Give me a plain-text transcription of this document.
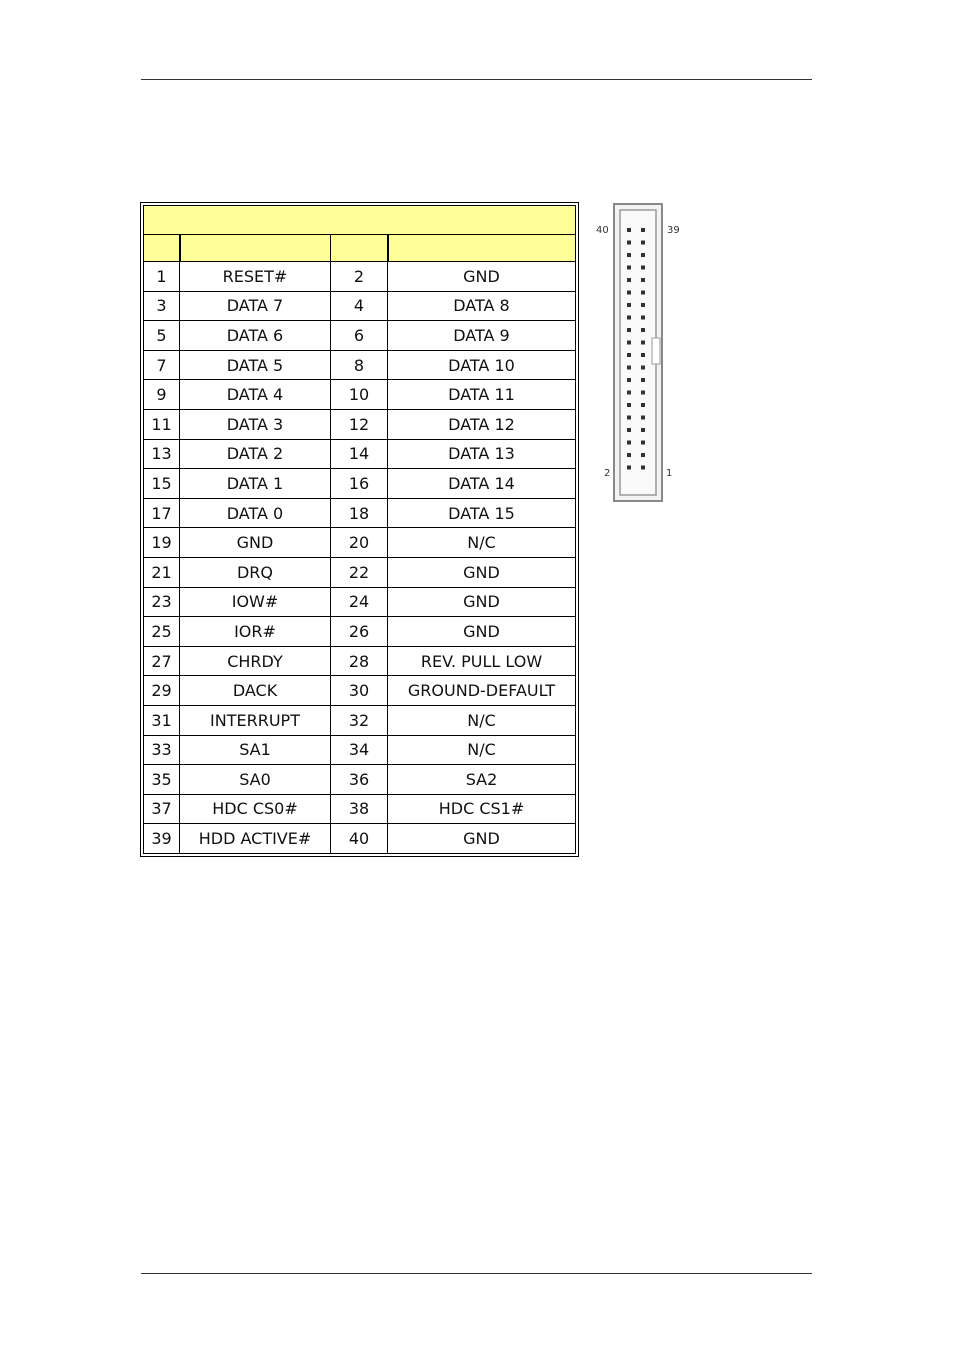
1	RESET#	2	GND
3	DATA 7	4	DATA 8
5	DATA 6	6	DATA 9
7	DATA 5	8	DATA 10
9	DATA 4	10	DATA 11
11	DATA 3	12	DATA 12
13	DATA 2	14	DATA 13
15	DATA 1	16	DATA 14
17	DATA 0	18	DATA 15
19	GND	20	N/C
21	DRQ	22	GND
23	IOW#	24	GND
25	IOR#	26	GND
27	CHRDY	28	REV. PULL LOW
29	DACK	30	GROUND-DEFAULT
31	INTERRUPT	32	N/C
33	SA1	34	N/C
35	SA0	36	SA2
37	HDC CS0#	38	HDC CS1#
39	HDD ACTIVE#	40	GND
40	39
2	1
